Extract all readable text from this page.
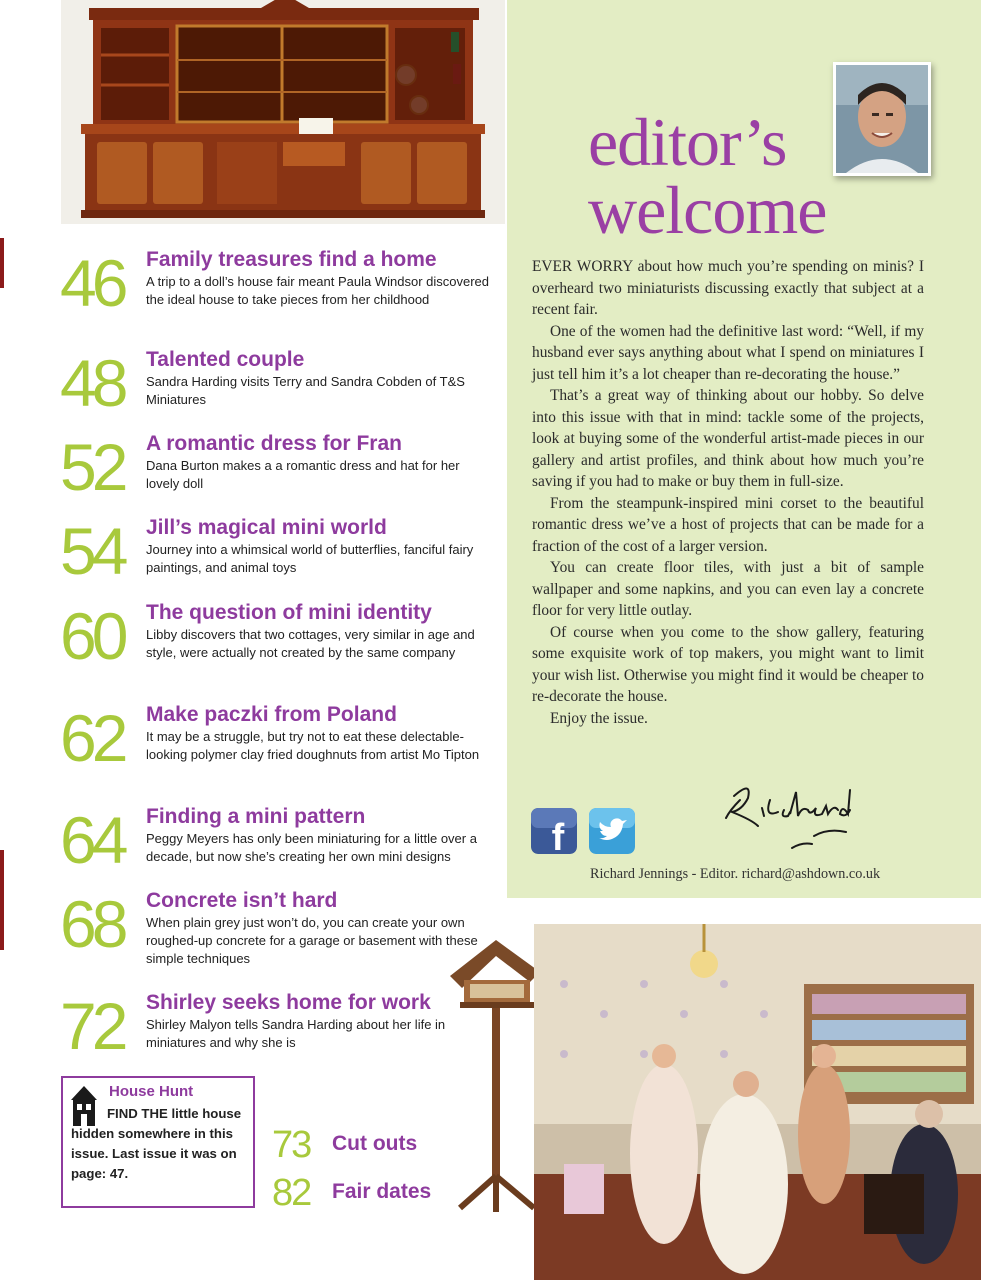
46	Family treasures find a home
A trip to a doll’s house fair meant Paula Windsor discovered the ideal house to take pieces from her childhood
48	Talented couple
Sandra Harding visits Terry and Sandra Cobden of T&S Miniatures
52	A romantic dress for Fran
Dana Burton makes a a romantic dress and hat for her lovely doll
54	Jill’s magical mini world
Journey into a whimsical world of butterflies, fanciful fairy paintings, and animal toys
60	The question of mini identity
Libby discovers that two cottages, very similar in age and style, were actually not created by the same company
62	Make paczki from Poland
It may be a struggle, but try not to eat these delectable-looking polymer clay fried doughnuts from artist Mo Tipton
64	Finding a mini pattern
Peggy Meyers has only been miniaturing for a little over a decade, but now she’s creating her own mini designs
68	Concrete isn’t hard
When plain grey just won’t do, you can create your own roughed-up concrete for a garage or basement with these simple techniques
72	Shirley seeks home for work
Shirley Malyon tells Sandra Harding about her life in miniatures and why she is
editor’s
welcome

EVER WORRY about how much you’re spending on minis? I overheard two miniaturists discussing exactly that subject at a recent fair.

One of the women had the definitive last word: “Well, if my husband ever says anything about what I spend on miniatures I just tell him it’s a lot cheaper than re-decorating the house.”

That’s a great way of thinking about our hobby. So delve into this issue with that in mind: tackle some of the projects, look at buying some of the wonderful artist-made pieces in our gallery and artist profiles, and think about how much you’re saving if you had to make or buy them in full-size.

From the steampunk-inspired mini corset to the beautiful romantic dress we’ve a host of projects that can be made for a fraction of the cost of a larger version.

You can create floor tiles, with just a bit of sample wallpaper and some napkins, and you can even lay a concrete floor for very little outlay.

Of course when you come to the show gallery, featuring some exquisite work of top makers, you might want to limit your wish list. Otherwise you might find it would be cheaper to re-decorate the house.

Enjoy the issue.

f
Richard
Richard Jennings - Editor. richard@ashdown.co.uk
House Hunt
FIND THE little house hidden somewhere in this issue. Last issue it was on page: 47.
73 Cut outs
82 Fair dates
